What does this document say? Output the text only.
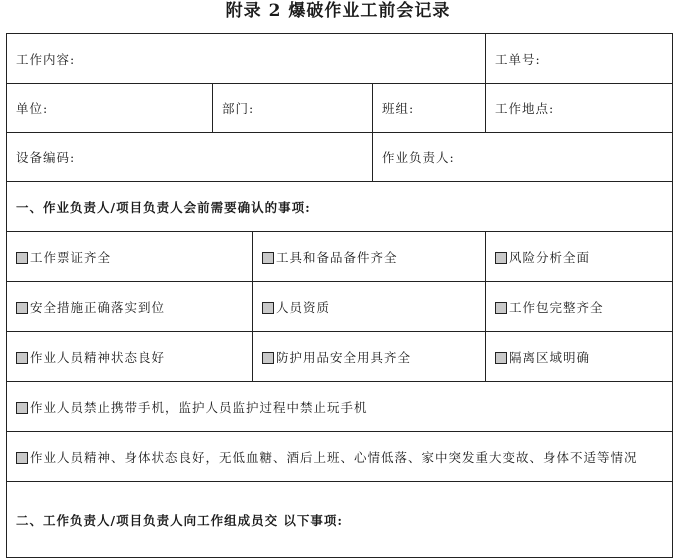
附录 2 爆破作业工前会记录
工作内容:				工单号:
单位:	部门:		班组:	工作地点:
设备编码:			作业负责人:	
一、作业负责人/项目负责人会前需要确认的事项:				
工作票证齐全		工具和备品备件齐全		风险分析全面
安全措施正确落实到位		人员资质		工作包完整齐全
作业人员精神状态良好		防护用品安全用具齐全		隔离区域明确
作业人员禁止携带手机，监护人员监护过程中禁止玩手机				
作业人员精神、身体状态良好，无低血糖、酒后上班、心情低落、家中突发重大变故、身体不适等情况				
二、工作负责人/项目负责人向工作组成员交 以下事项:				
